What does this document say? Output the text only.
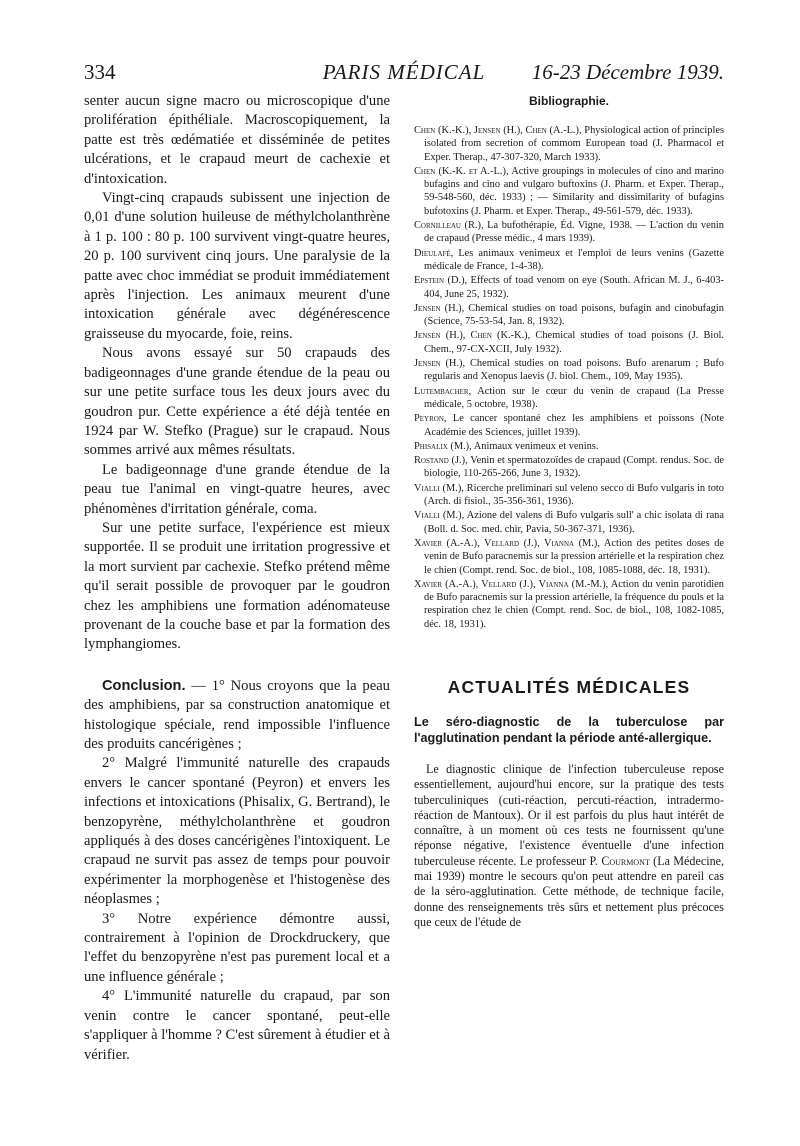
334	PARIS MÉDICAL	16-23 Décembre 1939.

senter aucun signe macro ou microscopique d'une prolifération épithéliale. Macroscopiquement, la patte est très œdématiée et disséminée de petites ulcérations, et le crapaud meurt de cachexie et d'intoxication.

Vingt-cinq crapauds subissent une injection de 0,01 d'une solution huileuse de méthylcholanthrène à 1 p. 100 : 80 p. 100 survivent vingt-quatre heures, 20 p. 100 survivent cinq jours. Une paralysie de la patte avec choc immédiat se produit immédiatement après l'injection. Les animaux meurent d'une intoxication générale avec dégénérescence graisseuse du myocarde, foie, reins.

Nous avons essayé sur 50 crapauds des badigeonnages d'une grande étendue de la peau ou sur une petite surface tous les deux jours avec du goudron pur. Cette expérience a été déjà tentée en 1924 par W. Stefko (Prague) sur le crapaud. Nous sommes arrivé aux mêmes résultats.

Le badigeonnage d'une grande étendue de la peau tue l'animal en vingt-quatre heures, avec phénomènes d'irritation générale, coma.

Sur une petite surface, l'expérience est mieux supportée. Il se produit une irritation progressive et la mort survient par cachexie. Stefko prétend même qu'il serait possible de provoquer par le goudron chez les amphibiens une formation adénomateuse provenant de la couche base et par la formation des lymphangiomes.

Conclusion. — 1° Nous croyons que la peau des amphibiens, par sa construction anatomique et histologique spéciale, rend impossible l'influence des produits cancérigènes ;

2° Malgré l'immunité naturelle des crapauds envers le cancer spontané (Peyron) et envers les infections et intoxications (Phisalix, G. Bertrand), le benzopyrène, méthylcholanthrène et goudron appliqués à des doses cancérigènes l'intoxiquent. Le crapaud ne survit pas assez de temps pour pouvoir expérimenter la morphogenèse et l'histogenèse des néoplasmes ;

3° Notre expérience démontre aussi, contrairement à l'opinion de Drockdruckery, que l'effet du benzopyrène n'est pas purement local et a une influence générale ;

4° L'immunité naturelle du crapaud, par son venin contre le cancer spontané, peut-elle s'appliquer à l'homme ? C'est sûrement à étudier et à vérifier.

Bibliographie.

Chen (K.-K.), Jensen (H.), Chen (A.-L.), Physiological action of principles isolated from secretion of commom European toad (J. Pharmacol et Exper. Therap., 47-307-320, March 1933).

Chen (K.-K. et A.-L.), Active groupings in molecules of cino and marino bufagins and cino and vulgaro buftoxins (J. Pharm. et Exper. Therap., 59-548-560, déc. 1933) ; — Similarity and dissimilarity of bufagins bufotoxins (J. Pharm. et Exper. Therap., 49-561-579, déc. 1933).

Cornilleau (R.), La bufothérapie, Éd. Vigne, 1938. — L'action du venin de crapaud (Presse médic., 4 mars 1939).

Dieulafé, Les animaux venimeux et l'emploi de leurs venins (Gazette médicale de France, 1-4-38).

Epstein (D.), Effects of toad venom on eye (South. African M. J., 6-403-404, June 25, 1932).

Jensen (H.), Chemical studies on toad poisons, bufagin and cinobufagin (Science, 75-53-54, Jan. 8, 1932).

Jensen (H.), Chen (K.-K.), Chemical studies of toad poisons (J. Biol. Chem., 97-CX-XCII, July 1932).

Jensen (H.), Chemical studies on toad poisons. Bufo arenarum ; Bufo regularis and Xenopus laevis (J. biol. Chem., 109, May 1935).

Lutembacher, Action sur le cœur du venin de crapaud (La Presse médicale, 5 octobre, 1938).

Peyron, Le cancer spontané chez les amphibiens et poissons (Note Académie des Sciences, juillet 1939).

Phisalix (M.), Animaux venimeux et venins.

Rostand (J.), Venin et spermatozoïdes de crapaud (Compt. rendus. Soc. de biologie, 110-265-266, June 3, 1932).

Vialli (M.), Ricerche preliminari sul veleno secco di Bufo vulgaris in toto (Arch. di fisiol., 35-356-361, 1936).

Vialli (M.), Azione del valens di Bufo vulgaris sull' a chic isolata di rana (Boll. d. Soc. med. chir, Pavia, 50-367-371, 1936).

Xavier (A.-A.), Vellard (J.), Vianna (M.), Action des petites doses de venin de Bufo paracnemis sur la pression artérielle et la respiration chez le chien (Compt. rend. Soc. de biol., 108, 1085-1088, déc. 18, 1931).

Xavier (A.-A.), Vellard (J.), Vianna (M.-M.), Action du venin parotidien de Bufo paracnemis sur la pression artérielle, la fréquence du pouls et la respiration chez le chien (Compt. rend. Soc. de biol., 108, 1082-1085, déc. 18, 1931).

ACTUALITÉS MÉDICALES
Le séro-diagnostic de la tuberculose par l'agglutination pendant la période anté-allergique.

Le diagnostic clinique de l'infection tuberculeuse repose essentiellement, aujourd'hui encore, sur la pratique des tests tuberculiniques (cuti-réaction, percuti-réaction, intradermo-réaction de Mantoux). Or il est parfois du plus haut intérêt de connaître, à un moment où ces tests ne fournissent qu'une réponse négative, l'existence éventuelle d'une infection tuberculeuse récente. Le professeur P. Courmont (La Médecine, mai 1939) montre le secours qu'on peut attendre en pareil cas de la séro-agglutination. Cette méthode, de technique facile, donne des renseignements très sûrs et nettement plus précoces que ceux de l'étude de
